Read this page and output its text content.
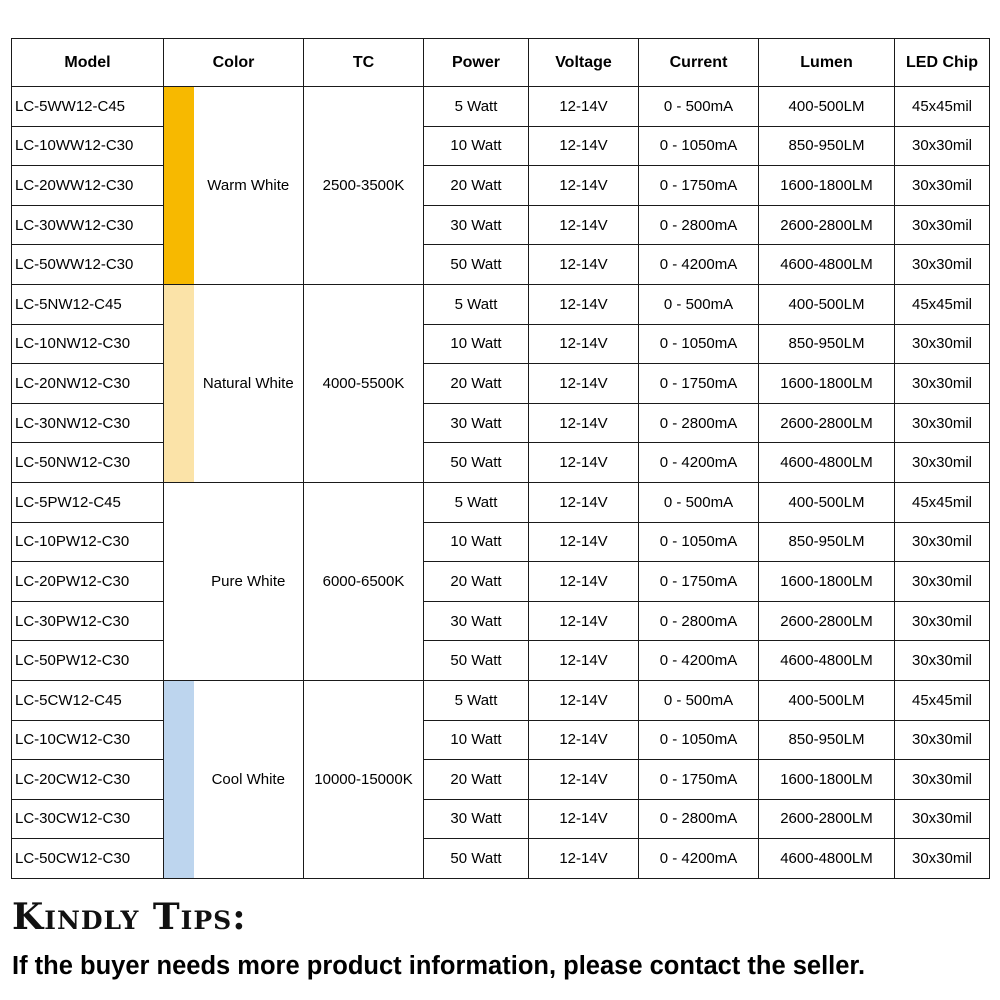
Model	Color		TC	Power	Voltage	Current	Lumen	LED Chip
LC-5WW12-C45		Warm White	2500-3500K	5 Watt	12-14V	0 - 500mA	400-500LM	45x45mil
LC-10WW12-C30				10 Watt	12-14V	0 - 1050mA	850-950LM	30x30mil
LC-20WW12-C30				20 Watt	12-14V	0 - 1750mA	1600-1800LM	30x30mil
LC-30WW12-C30				30 Watt	12-14V	0 - 2800mA	2600-2800LM	30x30mil
LC-50WW12-C30				50 Watt	12-14V	0 - 4200mA	4600-4800LM	30x30mil
LC-5NW12-C45		Natural White	4000-5500K	5 Watt	12-14V	0 - 500mA	400-500LM	45x45mil
LC-10NW12-C30				10 Watt	12-14V	0 - 1050mA	850-950LM	30x30mil
LC-20NW12-C30				20 Watt	12-14V	0 - 1750mA	1600-1800LM	30x30mil
LC-30NW12-C30				30 Watt	12-14V	0 - 2800mA	2600-2800LM	30x30mil
LC-50NW12-C30				50 Watt	12-14V	0 - 4200mA	4600-4800LM	30x30mil
LC-5PW12-C45		Pure White	6000-6500K	5 Watt	12-14V	0 - 500mA	400-500LM	45x45mil
LC-10PW12-C30				10 Watt	12-14V	0 - 1050mA	850-950LM	30x30mil
LC-20PW12-C30				20 Watt	12-14V	0 - 1750mA	1600-1800LM	30x30mil
LC-30PW12-C30				30 Watt	12-14V	0 - 2800mA	2600-2800LM	30x30mil
LC-50PW12-C30				50 Watt	12-14V	0 - 4200mA	4600-4800LM	30x30mil
LC-5CW12-C45		Cool White	10000-15000K	5 Watt	12-14V	0 - 500mA	400-500LM	45x45mil
LC-10CW12-C30				10 Watt	12-14V	0 - 1050mA	850-950LM	30x30mil
LC-20CW12-C30				20 Watt	12-14V	0 - 1750mA	1600-1800LM	30x30mil
LC-30CW12-C30				30 Watt	12-14V	0 - 2800mA	2600-2800LM	30x30mil
LC-50CW12-C30				50 Watt	12-14V	0 - 4200mA	4600-4800LM	30x30mil
Kindly Tips:
If the buyer needs more product information, please contact the seller.
